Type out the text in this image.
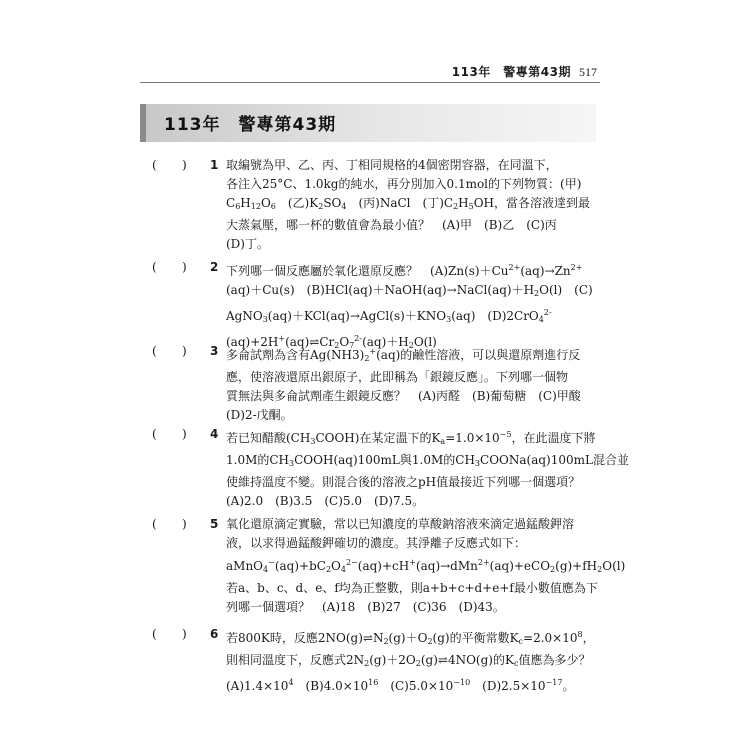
113年　警專第43期 517
113年　警專第43期
( ) 1 取編號為甲、乙、丙、丁相同規格的4個密閉容器，在同溫下，
各注入25°C、1.0kg的純水，再分別加入0.1mol的下列物質：(甲)
$C_6H_{12}O_6$　(乙)$K_2SO_4$　(丙)NaCl　(丁)$C_2H_5OH$，當各溶液達到最
大蒸氣壓，哪一杯的數值會為最小值？　(A)甲　(B)乙　(C)丙
(D)丁。
( ) 2 下列哪一個反應屬於氧化還原反應？　$(A)Zn(s)+Cu^{2+}(aq)\to Zn^{2+}$
(aq)＋Cu(s)　$(B)HCl(aq)+NaOH(aq)\to NaCl(aq)+H_2O(l)$　(C)
$AgNO_3(aq)+KCl(aq)\to AgCl(s)+KNO_3(aq)$　(D)2CrO$_4^{2-}$
$(aq)+2H^+(aq)\rightleftharpoons Cr_2O_7^{2-}(aq)+H_2O(l)$
( ) 3 多侖試劑為含有$Ag(NH3)_2^+(aq)$的鹼性溶液，可以與還原劑進行反
應，使溶液還原出銀原子，此即稱為「銀鏡反應」。下列哪一個物
質無法與多侖試劑產生銀鏡反應？　(A)丙醛　(B)葡萄糖　(C)甲酸
(D)2-戊酮。
( ) 4 若已知醋酸$(CH_3COOH)$在某定溫下的$K_a=1.0\times 10^{-5}$，在此溫度下將
1.0M的$CH_3COOH(aq)100mL$與1.0M的$CH_3COONa(aq)100mL$混合並
使維持溫度不變。則混合後的溶液之pH值最接近下列哪一個選項？
(A)2.0　(B)3.5　(C)5.0　(D)7.5。
( ) 5 氧化還原滴定實驗，常以已知濃度的草酸鈉溶液來滴定過錳酸鉀溶
液，以求得過錳酸鉀確切的濃度。其淨離子反應式如下：
$aMnO_4^-(aq)+bC_2O_4^{2-}(aq)+cH^+(aq)\to dMn^{2+}(aq)+eCO_2(g)+fH_2O(l)$
若a、b、c、d、e、f均為正整數，則a+b+c+d+e+f最小數值應為下
列哪一個選項？　(A)18　(B)27　(C)36　(D)43。
( ) 6 若800K時，反應$2NO(g)\rightleftharpoons N_2(g)+O_2(g)$的平衡常數$K_c=2.0\times 10^8$，
則相同溫度下，反應式$2N_2(g)+2O_2(g)\rightleftharpoons 4NO(g)$的$K_c$值應為多少？
$(A)1.4\times 10^4$　$(B)4.0\times 10^{16}$　$(C)5.0\times 10^{-10}$　$(D)2.5\times 10^{-17}$。
